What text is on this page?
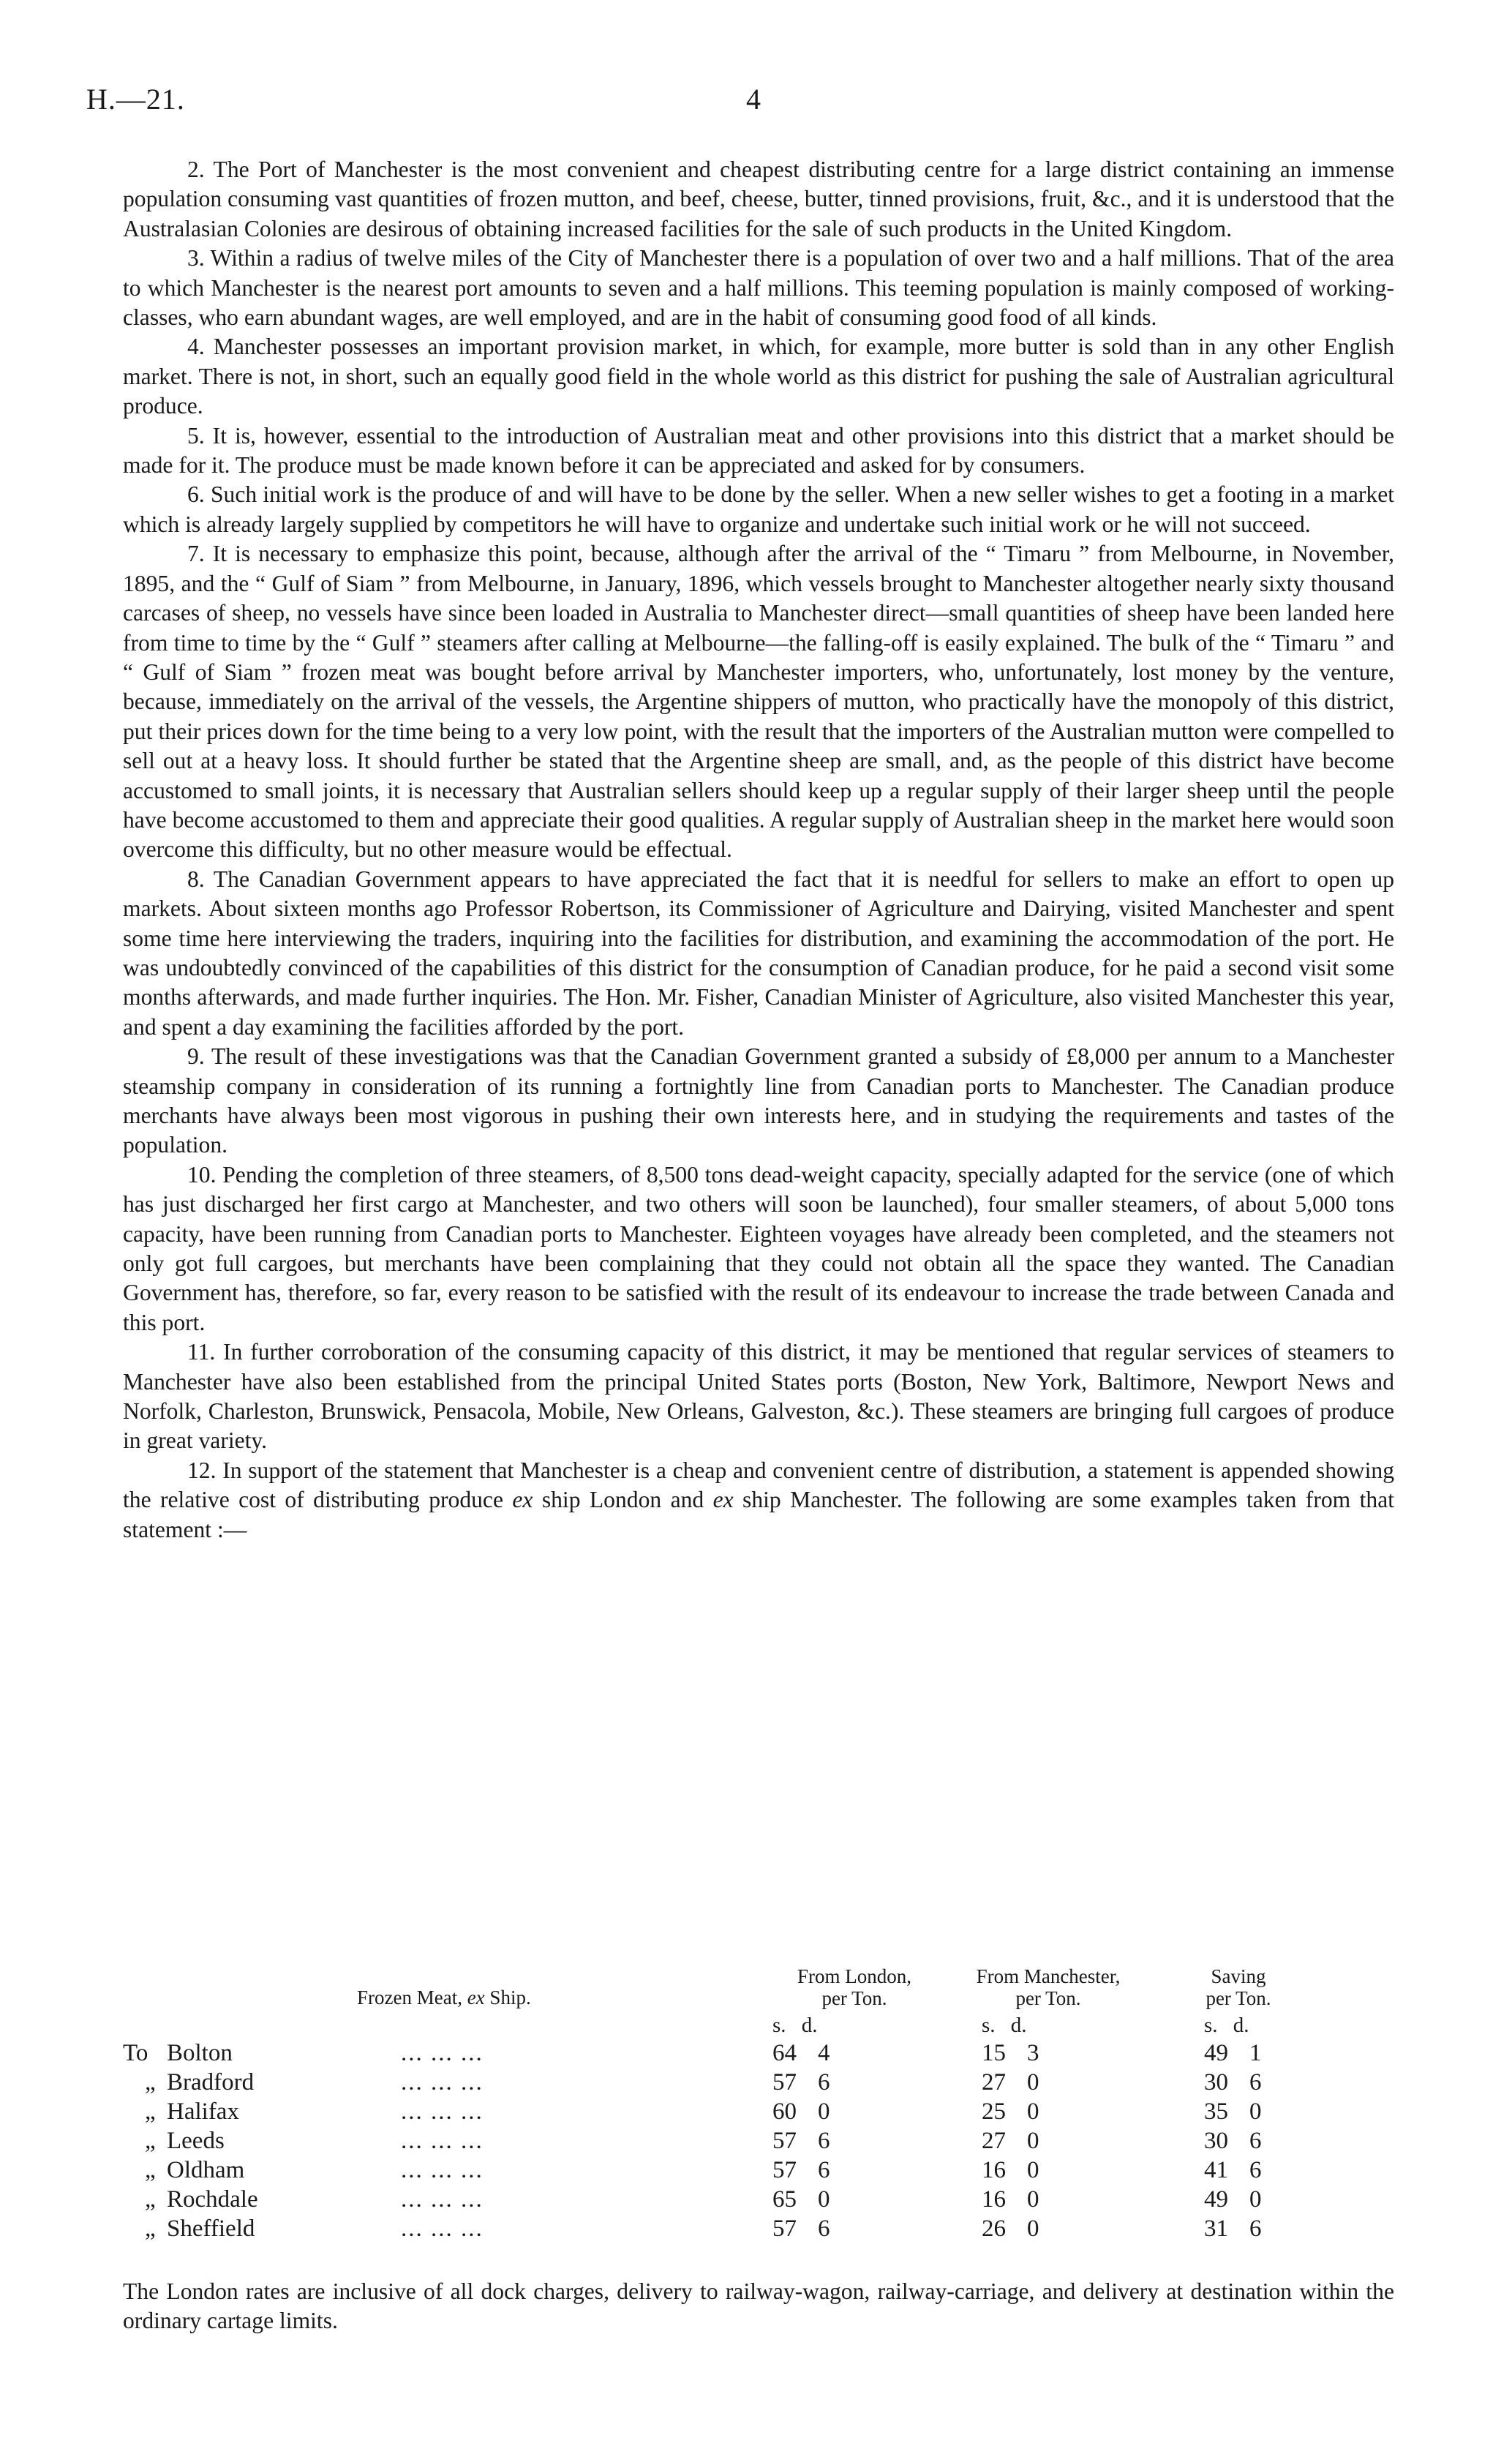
H.—21.	4

2. The Port of Manchester is the most convenient and cheapest distributing centre for a large district containing an immense population consuming vast quantities of frozen mutton, and beef, cheese, butter, tinned provisions, fruit, &c., and it is understood that the Australasian Colonies are desirous of obtaining increased facilities for the sale of such products in the United Kingdom.

3. Within a radius of twelve miles of the City of Manchester there is a population of over two and a half millions. That of the area to which Manchester is the nearest port amounts to seven and a half millions. This teeming population is mainly composed of working-classes, who earn abundant wages, are well employed, and are in the habit of consuming good food of all kinds.

4. Manchester possesses an important provision market, in which, for example, more butter is sold than in any other English market. There is not, in short, such an equally good field in the whole world as this district for pushing the sale of Australian agricultural produce.

5. It is, however, essential to the introduction of Australian meat and other provisions into this district that a market should be made for it. The produce must be made known before it can be appreciated and asked for by consumers.

6. Such initial work is the produce of and will have to be done by the seller. When a new seller wishes to get a footing in a market which is already largely supplied by competitors he will have to organize and undertake such initial work or he will not succeed.

7. It is necessary to emphasize this point, because, although after the arrival of the “ Timaru ” from Melbourne, in November, 1895, and the “ Gulf of Siam ” from Melbourne, in January, 1896, which vessels brought to Manchester altogether nearly sixty thousand carcases of sheep, no vessels have since been loaded in Australia to Manchester direct—small quantities of sheep have been landed here from time to time by the “ Gulf ” steamers after calling at Melbourne—the falling-off is easily explained. The bulk of the “ Timaru ” and “ Gulf of Siam ” frozen meat was bought before arrival by Manchester importers, who, unfortunately, lost money by the venture, because, immediately on the arrival of the vessels, the Argentine shippers of mutton, who practically have the monopoly of this district, put their prices down for the time being to a very low point, with the result that the importers of the Australian mutton were compelled to sell out at a heavy loss. It should further be stated that the Argentine sheep are small, and, as the people of this district have become accustomed to small joints, it is necessary that Australian sellers should keep up a regular supply of their larger sheep until the people have become accustomed to them and appreciate their good qualities. A regular supply of Australian sheep in the market here would soon overcome this difficulty, but no other measure would be effectual.

8. The Canadian Government appears to have appreciated the fact that it is needful for sellers to make an effort to open up markets. About sixteen months ago Professor Robertson, its Commissioner of Agriculture and Dairying, visited Manchester and spent some time here interviewing the traders, inquiring into the facilities for distribution, and examining the accommodation of the port. He was undoubtedly convinced of the capabilities of this district for the consumption of Canadian produce, for he paid a second visit some months afterwards, and made further inquiries. The Hon. Mr. Fisher, Canadian Minister of Agriculture, also visited Manchester this year, and spent a day examining the facilities afforded by the port.

9. The result of these investigations was that the Canadian Government granted a subsidy of £8,000 per annum to a Manchester steamship company in consideration of its running a fortnightly line from Canadian ports to Manchester. The Canadian produce merchants have always been most vigorous in pushing their own interests here, and in studying the requirements and tastes of the population.

10. Pending the completion of three steamers, of 8,500 tons dead-weight capacity, specially adapted for the service (one of which has just discharged her first cargo at Manchester, and two others will soon be launched), four smaller steamers, of about 5,000 tons capacity, have been running from Canadian ports to Manchester. Eighteen voyages have already been completed, and the steamers not only got full cargoes, but merchants have been complaining that they could not obtain all the space they wanted. The Canadian Government has, therefore, so far, every reason to be satisfied with the result of its endeavour to increase the trade between Canada and this port.

11. In further corroboration of the consuming capacity of this district, it may be mentioned that regular services of steamers to Manchester have also been established from the principal United States ports (Boston, New York, Baltimore, Newport News and Norfolk, Charleston, Brunswick, Pensacola, Mobile, New Orleans, Galveston, &c.). These steamers are bringing full cargoes of produce in great variety.

12. In support of the statement that Manchester is a cheap and convenient centre of distribution, a statement is appended showing the relative cost of distributing produce ex ship London and ex ship Manchester. The following are some examples taken from that statement :—

Frozen Meat, ex Ship.
From London,
per Ton.
From Manchester,
per Ton.
Saving
per Ton.
s. d.	s. d.	s. d.
To Bolton	... ... ...	64 4	15 3	49 1
„ Bradford	... ... ...	57 6	27 0	30 6
„ Halifax	... ... ...	60 0	25 0	35 0
„ Leeds	... ... ...	57 6	27 0	30 6
„ Oldham	... ... ...	57 6	16 0	41 6
„ Rochdale	... ... ...	65 0	16 0	49 0
„ Sheffield	... ... ...	57 6	26 0	31 6
The London rates are inclusive of all dock charges, delivery to railway-wagon, railway-carriage, and delivery at destination within the ordinary cartage limits.
